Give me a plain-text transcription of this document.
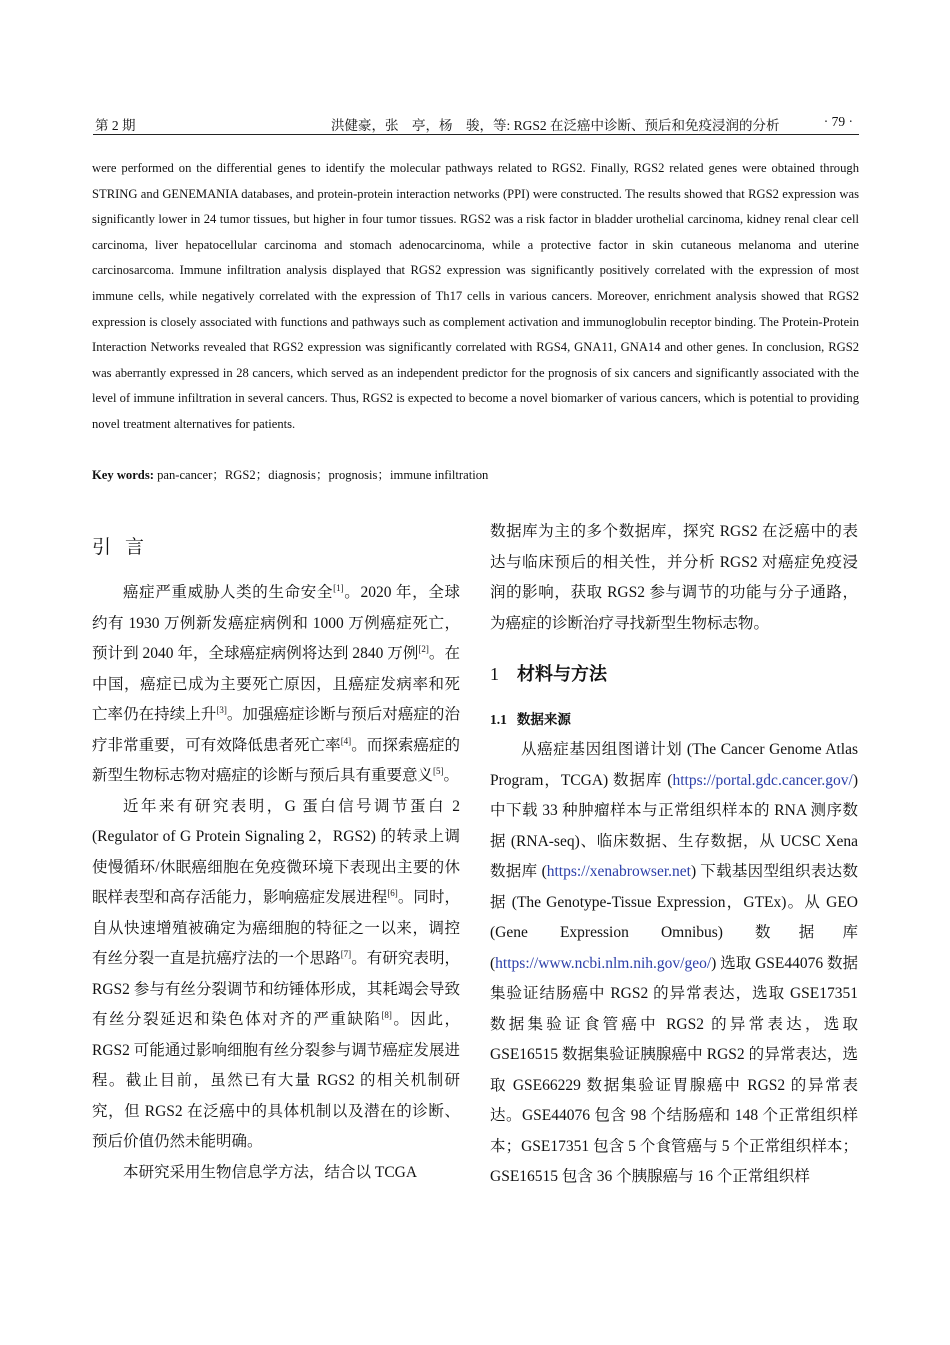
第 2 期	洪健豪，张　亭，杨　骏，等: RGS2 在泛癌中诊断、预后和免疫浸润的分析	· 79 ·

were performed on the differential genes to identify the molecular pathways related to RGS2. Finally, RGS2 related genes were obtained through STRING and GENEMANIA databases, and protein-protein interaction networks (PPI) were constructed. The results showed that RGS2 expression was significantly lower in 24 tumor tissues, but higher in four tumor tissues. RGS2 was a risk factor in bladder urothelial carcinoma, kidney renal clear cell carcinoma, liver hepatocellular carcinoma and stomach adenocarcinoma, while a protective factor in skin cutaneous melanoma and uterine carcinosarcoma. Immune infiltration analysis displayed that RGS2 expression was significantly positively correlated with the expression of most immune cells, while negatively correlated with the expression of Th17 cells in various cancers. Moreover, enrichment analysis showed that RGS2 expression is closely associated with functions and pathways such as complement activation and immunoglobulin receptor binding. The Protein-Protein Interaction Networks revealed that RGS2 expression was significantly correlated with RGS4, GNA11, GNA14 and other genes. In conclusion, RGS2 was aberrantly expressed in 28 cancers, which served as an independent predictor for the prognosis of six cancers and significantly associated with the level of immune infiltration in several cancers. Thus, RGS2 is expected to become a novel biomarker of various cancers, which is potential to providing novel treatment alternatives for patients.

Key words: pan-cancer；RGS2；diagnosis；prognosis；immune infiltration
引言

癌症严重威胁人类的生命安全[1]。2020 年，全球约有 1930 万例新发癌症病例和 1000 万例癌症死亡，预计到 2040 年，全球癌症病例将达到 2840 万例[2]。在中国，癌症已成为主要死亡原因，且癌症发病率和死亡率仍在持续上升[3]。加强癌症诊断与预后对癌症的治疗非常重要，可有效降低患者死亡率[4]。而探索癌症的新型生物标志物对癌症的诊断与预后具有重要意义[5]。

近年来有研究表明，G 蛋白信号调节蛋白 2 (Regulator of G Protein Signaling 2，RGS2) 的转录上调使慢循环/休眠癌细胞在免疫微环境下表现出主要的休眠样表型和高存活能力，影响癌症发展进程[6]。同时，自从快速增殖被确定为癌细胞的特征之一以来，调控有丝分裂一直是抗癌疗法的一个思路[7]。有研究表明，RGS2 参与有丝分裂调节和纺锤体形成，其耗竭会导致有丝分裂延迟和染色体对齐的严重缺陷[8]。因此，RGS2 可能通过影响细胞有丝分裂参与调节癌症发展进程。截止目前，虽然已有大量 RGS2 的相关机制研究，但 RGS2 在泛癌中的具体机制以及潜在的诊断、预后价值仍然未能明确。

本研究采用生物信息学方法，结合以 TCGA

数据库为主的多个数据库，探究 RGS2 在泛癌中的表达与临床预后的相关性，并分析 RGS2 对癌症免疫浸润的影响，获取 RGS2 参与调节的功能与分子通路，为癌症的诊断治疗寻找新型生物标志物。

1 材料与方法
1.1 数据来源

从癌症基因组图谱计划 (The Cancer Genome Atlas Program，TCGA) 数据库 (https://portal.gdc.cancer.gov/) 中下载 33 种肿瘤样本与正常组织样本的 RNA 测序数据 (RNA-seq)、临床数据、生存数据，从 UCSC Xena 数据库 (https://xenabrowser.net) 下载基因型组织表达数据 (The Genotype-Tissue Expression，GTEx)。从 GEO (Gene Expression Omnibus) 数据库 (https://www.ncbi.nlm.nih.gov/geo/) 选取 GSE44076 数据集验证结肠癌中 RGS2 的异常表达，选取 GSE17351 数据集验证食管癌中 RGS2 的异常表达，选取 GSE16515 数据集验证胰腺癌中 RGS2 的异常表达，选取 GSE66229 数据集验证胃腺癌中 RGS2 的异常表达。GSE44076 包含 98 个结肠癌和 148 个正常组织样本；GSE17351 包含 5 个食管癌与 5 个正常组织样本；GSE16515 包含 36 个胰腺癌与 16 个正常组织样
